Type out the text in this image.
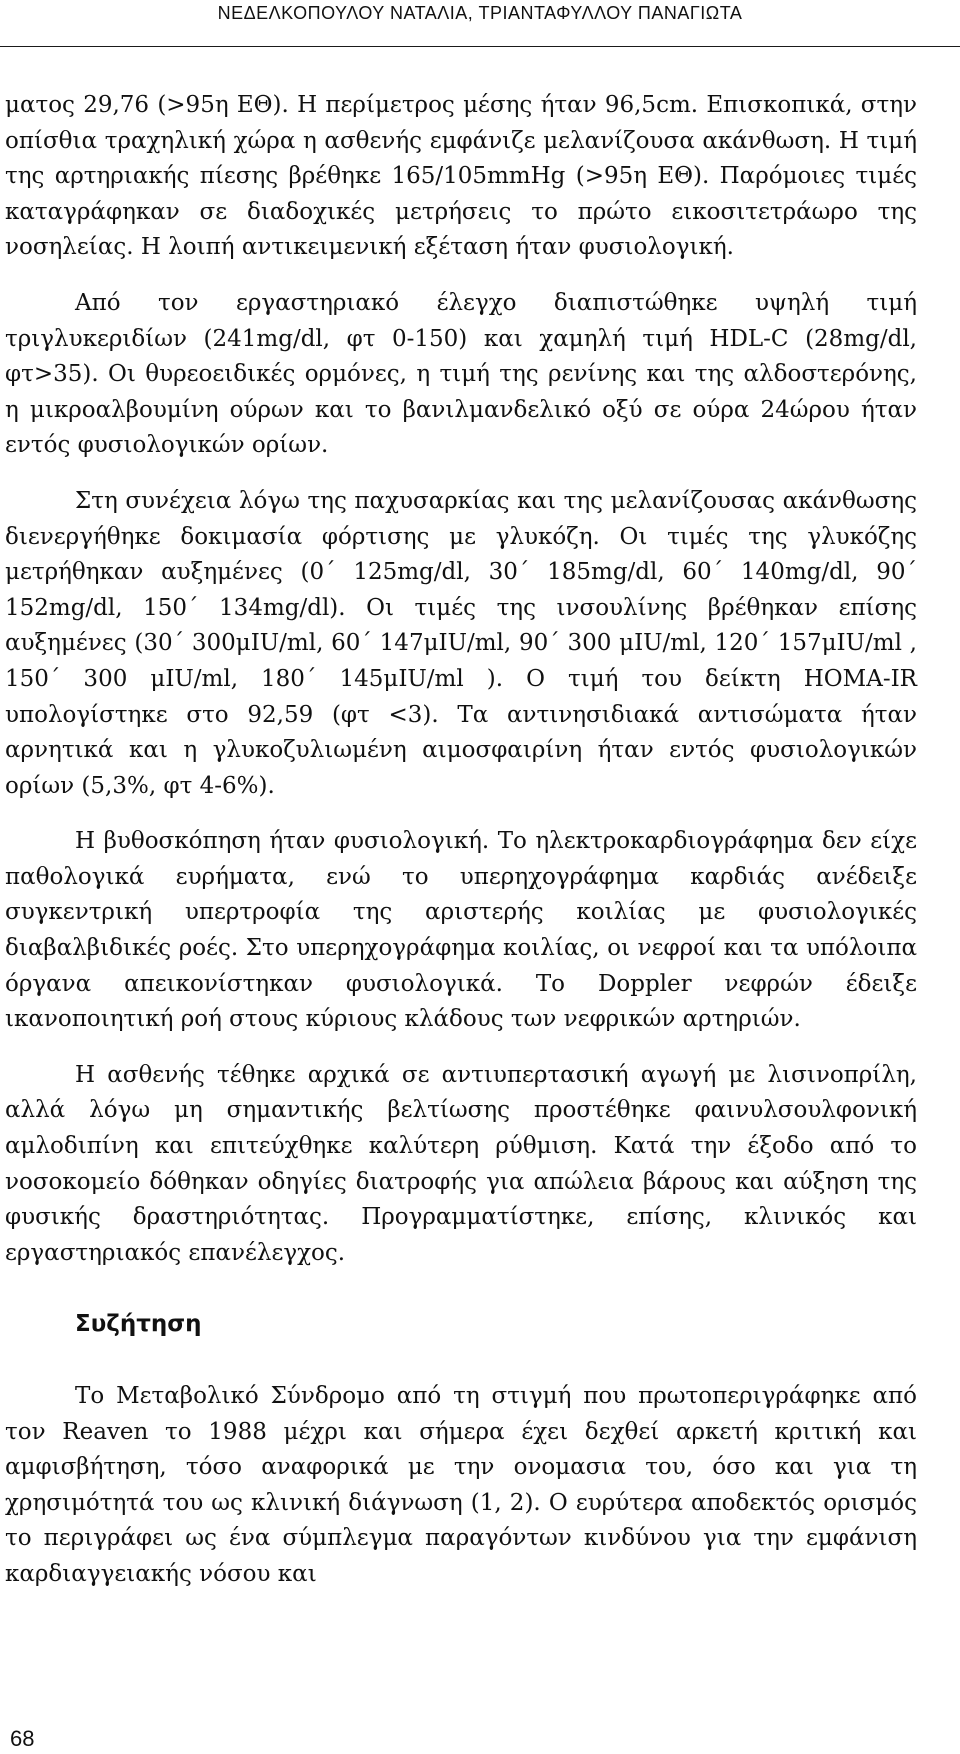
ΝΕΔΕΛΚΟΠΟΥΛΟΥ ΝΑΤΑΛΙΑ, ΤΡΙΑΝΤΑΦΥΛΛΟΥ ΠΑΝΑΓΙΩΤΑ

ματος 29,76 (>95η ΕΘ). Η περίμετρος μέσης ήταν 96,5cm. Επισκοπικά, στην οπίσθια τραχηλική χώρα η ασθενής εμφάνιζε μελανίζουσα ακάνθωση. Η τιμή της αρτηριακής πίεσης βρέθηκε 165/105mmHg (>95η ΕΘ). Παρόμοιες τιμές καταγράφηκαν σε διαδοχικές μετρήσεις το πρώτο εικοσιτετράωρο της νοσηλείας. Η λοιπή αντικειμενική εξέταση ήταν φυσιολογική.

Από τον εργαστηριακό έλεγχο διαπιστώθηκε υψηλή τιμή τριγλυκεριδίων (241mg/dl, φτ 0-150) και χαμηλή τιμή HDL-C (28mg/dl, φτ>35). Οι θυρεοειδικές ορμόνες, η τιμή της ρενίνης και της αλδοστερόνης, η μικροαλβουμίνη ούρων και το βανιλμανδελικό οξύ σε ούρα 24ώρου ήταν εντός φυσιολογικών ορίων.

Στη συνέχεια λόγω της παχυσαρκίας και της μελανίζουσας ακάνθωσης διενεργήθηκε δοκιμασία φόρτισης με γλυκόζη. Οι τιμές της γλυκόζης μετρήθηκαν αυξημένες (0΄ 125mg/dl, 30΄ 185mg/dl, 60΄ 140mg/dl, 90΄ 152mg/dl, 150΄ 134mg/dl). Οι τιμές της ινσουλίνης βρέθηκαν επίσης αυξημένες (30΄ 300μIU/ml, 60΄ 147μIU/ml, 90΄ 300 μIU/ml, 120΄ 157μIU/ml , 150΄ 300 μIU/ml, 180΄ 145μIU/ml ). Ο τιμή του δείκτη HOMA-IR υπολογίστηκε στο 92,59 (φτ <3). Τα αντινησιδιακά αντισώματα ήταν αρνητικά και η γλυκοζυλιωμένη αιμοσφαιρίνη ήταν εντός φυσιολογικών ορίων (5,3%, φτ 4-6%).

Η βυθοσκόπηση ήταν φυσιολογική. Το ηλεκτροκαρδιογράφημα δεν είχε παθολογικά ευρήματα, ενώ το υπερηχογράφημα καρδιάς ανέδειξε συγκεντρική υπερτροφία της αριστερής κοιλίας με φυσιολογικές διαβαλβιδικές ροές. Στο υπερηχογράφημα κοιλίας, οι νεφροί και τα υπόλοιπα όργανα απεικονίστηκαν φυσιολογικά. Το Doppler νεφρών έδειξε ικανοποιητική ροή στους κύριους κλάδους των νεφρικών αρτηριών.

Η ασθενής τέθηκε αρχικά σε αντιυπερτασική αγωγή με λισινοπρίλη, αλλά λόγω μη σημαντικής βελτίωσης προστέθηκε φαινυλσουλφονική αμλοδιπίνη και επιτεύχθηκε καλύτερη ρύθμιση. Κατά την έξοδο από το νοσοκομείο δόθηκαν οδηγίες διατροφής για απώλεια βάρους και αύξηση της φυσικής δραστηριότητας. Προγραμματίστηκε, επίσης, κλινικός και εργαστηριακός επανέλεγχος.

Συζήτηση

Το Μεταβολικό Σύνδρομο από τη στιγμή που πρωτοπεριγράφηκε από τον Reaven το 1988 μέχρι και σήμερα έχει δεχθεί αρκετή κριτική και αμφισβήτηση, τόσο αναφορικά με την ονομασια του, όσο και για τη χρησιμότητά του ως κλινική διάγνωση (1, 2). Ο ευρύτερα αποδεκτός ορισμός το περιγράφει ως ένα σύμπλεγμα παραγόντων κινδύνου για την εμφάνιση καρδιαγγειακής νόσου και

68
